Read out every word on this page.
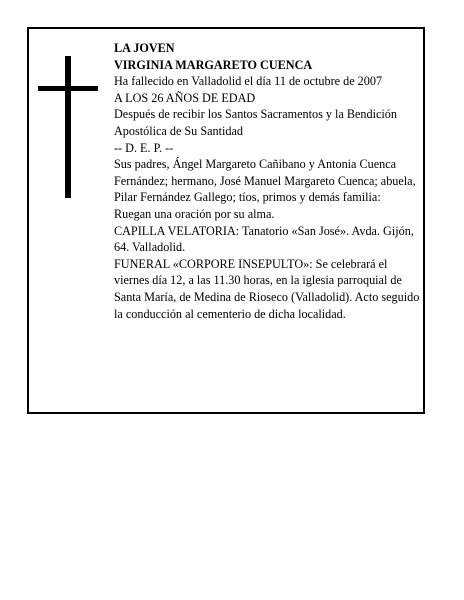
LA JOVEN

VIRGINIA MARGARETO CUENCA

Ha fallecido en Valladolid el día 11 de octubre de 2007

A LOS 26 AÑOS DE EDAD

Después de recibir los Santos Sacramentos y la Bendición Apostólica de Su Santidad

-- D. E. P. --

Sus padres, Ángel Margareto Cañibano y Antonia Cuenca Fernández; hermano, José Manuel Margareto Cuenca; abuela, Pilar Fernández Gallego; tíos, primos y demás familia:

Ruegan una oración por su alma.

CAPILLA VELATORIA: Tanatorio «San José». Avda. Gijón, 64. Valladolid.

FUNERAL «CORPORE INSEPULTO»: Se celebrará el viernes día 12, a las 11.30 horas, en la iglesia parroquial de Santa María, de Medina de Rioseco (Valladolid). Acto seguido la conducción al cementerio de dicha localidad.
